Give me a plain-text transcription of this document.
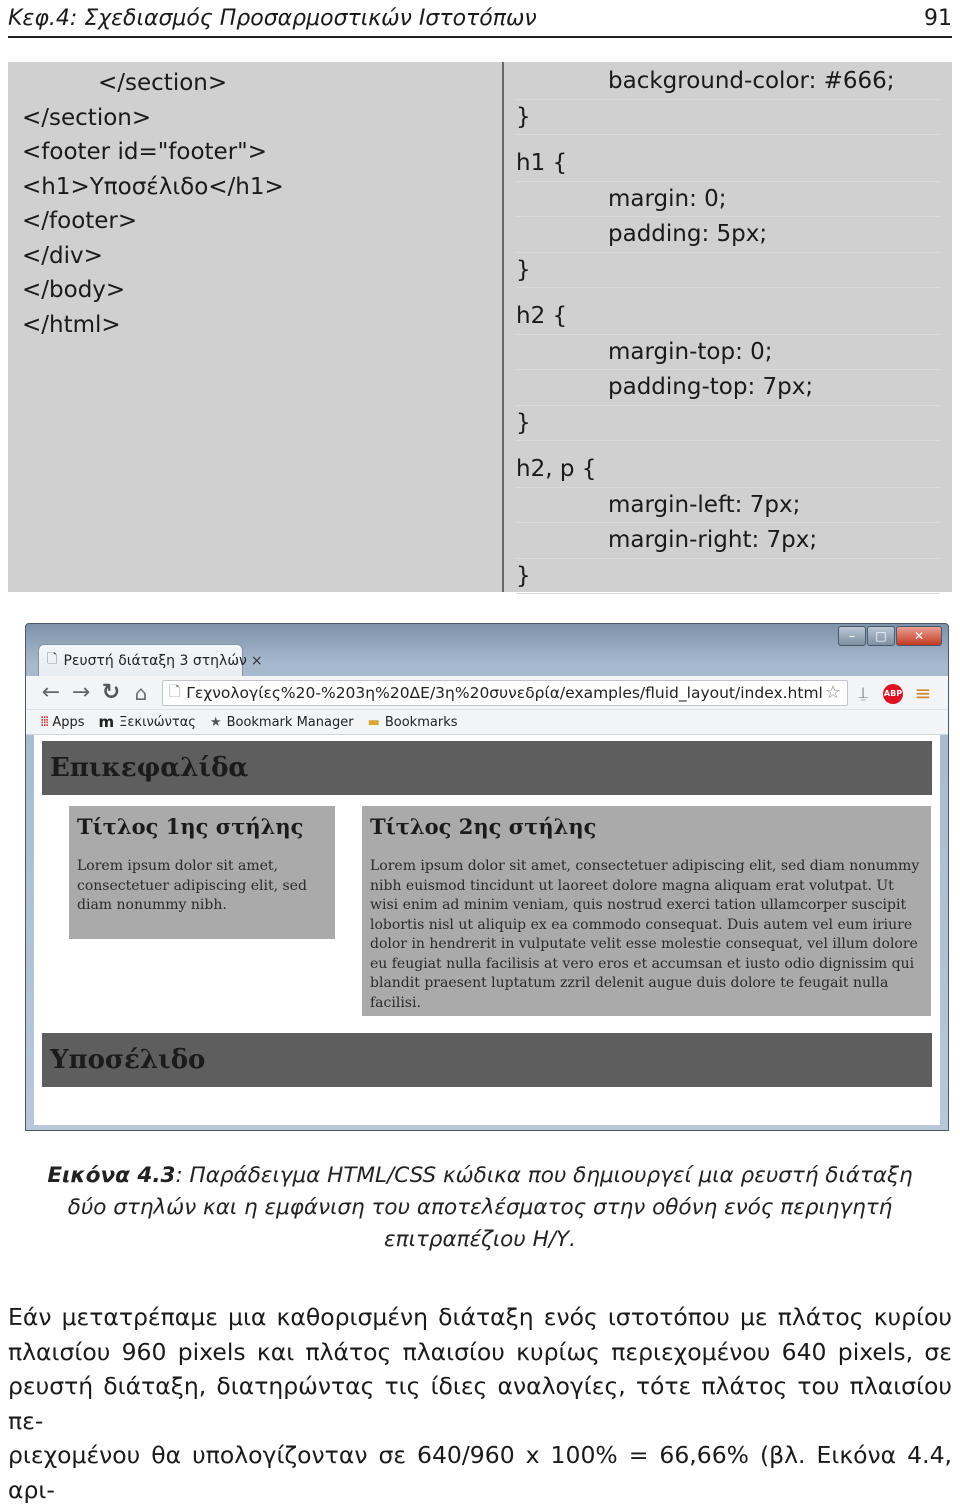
Κεφ.4: Σχεδιασμός Προσαρμοστικών Ιστοτόπων	91
</section>
</section>
<footer id="footer">
<h1>Υποσέλιδο</h1>
</footer>
</div>
</body>
</html>
background-color: #666;
}
h1 {
margin: 0;
padding: 5px;
}
h2 {
margin-top: 0;
padding-top: 7px;
}
h2, p {
margin-left: 7px;
margin-right: 7px;
}
–	□	✕
🗋 Ρευστή διάταξη 3 στηλών ×
← → ↻ ⌂	🗋 Γεχνολογίες%20-%203η%20ΔΕ/3η%20συνεδρία/examples/fluid_layout/index.html ☆	⍊	ABP ≡
⁞⁞⁞ Apps m Ξεκινώντας ★ Bookmark Manager ▬ Bookmarks
Επικεφαλίδα
Τίτλος 1ης στήλης

Lorem ipsum dolor sit amet, consectetuer adipiscing elit, sed diam nonummy nibh.

Τίτλος 2ης στήλης

Lorem ipsum dolor sit amet, consectetuer adipiscing elit, sed diam nonummy nibh euismod tincidunt ut laoreet dolore magna aliquam erat volutpat. Ut wisi enim ad minim veniam, quis nostrud exerci tation ullamcorper suscipit lobortis nisl ut aliquip ex ea commodo consequat. Duis autem vel eum iriure dolor in hendrerit in vulputate velit esse molestie consequat, vel illum dolore eu feugiat nulla facilisis at vero eros et accumsan et iusto odio dignissim qui blandit praesent luptatum zzril delenit augue duis dolore te feugait nulla facilisi.

Υποσέλιδο
Εικόνα 4.3: Παράδειγμα HTML/CSS κώδικα που δημιουργεί μια ρευστή διάταξη δύο στηλών και η εμφάνιση του αποτελέσματος στην οθόνη ενός περιηγητή επιτραπέζιου Η/Υ.
Εάν μετατρέπαμε μια καθορισμένη διάταξη ενός ιστοτόπου με πλάτος κυρίου
πλαισίου 960 pixels και πλάτος πλαισίου κυρίως περιεχομένου 640 pixels, σε
ρευστή διάταξη, διατηρώντας τις ίδιες αναλογίες, τότε πλάτος του πλαισίου πε-
ριεχομένου θα υπολογίζονταν σε 640/960 x 100% = 66,66% (βλ. Εικόνα 4.4, αρι-
